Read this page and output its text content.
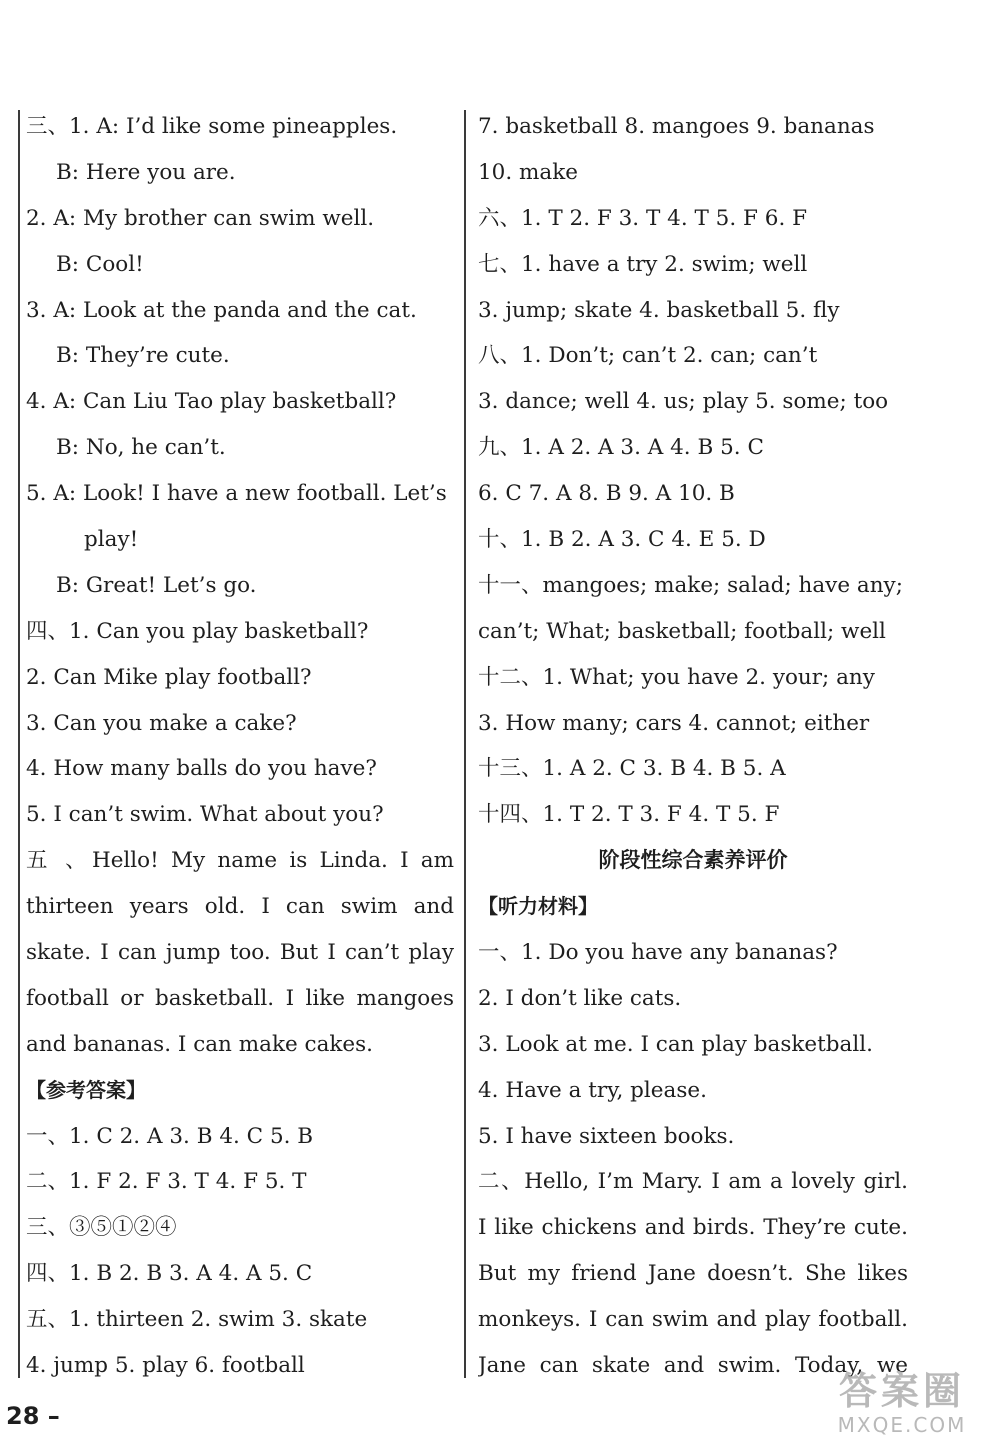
三、1. A: I’d like some pineapples.
B: Here you are.
2. A: My brother can swim well.
B: Cool!
3. A: Look at the panda and the cat.
B: They’re cute.
4. A: Can Liu Tao play basketball?
B: No, he can’t.
5. A: Look! I have a new football. Let’s
play!
B: Great! Let’s go.
四、1. Can you play basketball?
2. Can Mike play football?
3. Can you make a cake?
4. How many balls do you have?
5. I can’t swim. What about you?
五 、Hello! My name is Linda. I am
thirteen years old. I can swim and
skate. I can jump too. But I can’t play
football or basketball. I like mangoes
and bananas. I can make cakes.
【参考答案】
一、1. C 2. A 3. B 4. C 5. B
二、1. F 2. F 3. T 4. F 5. T
三、③⑤①②④
四、1. B 2. B 3. A 4. A 5. C
五、1. thirteen 2. swim 3. skate
4. jump 5. play 6. football
7. basketball 8. mangoes 9. bananas
10. make
六、1. T 2. F 3. T 4. T 5. F 6. F
七、1. have a try 2. swim; well
3. jump; skate 4. basketball 5. fly
八、1. Don’t; can’t 2. can; can’t
3. dance; well 4. us; play 5. some; too
九、1. A 2. A 3. A 4. B 5. C
6. C 7. A 8. B 9. A 10. B
十、1. B 2. A 3. C 4. E 5. D
十一、mangoes; make; salad; have any;
can’t; What; basketball; football; well
十二、1. What; you have 2. your; any
3. How many; cars 4. cannot; either
十三、1. A 2. C 3. B 4. B 5. A
十四、1. T 2. T 3. F 4. T 5. F
阶段性综合素养评价
【听力材料】
一、1. Do you have any bananas?
2. I don’t like cats.
3. Look at me. I can play basketball.
4. Have a try, please.
5. I have sixteen books.
二、Hello, I’m Mary. I am a lovely girl.
I like chickens and birds. They’re cute.
But my friend Jane doesn’t. She likes
monkeys. I can swim and play football.
Jane can skate and swim. Today, we
28 –
答案圈
MXQE.COM
